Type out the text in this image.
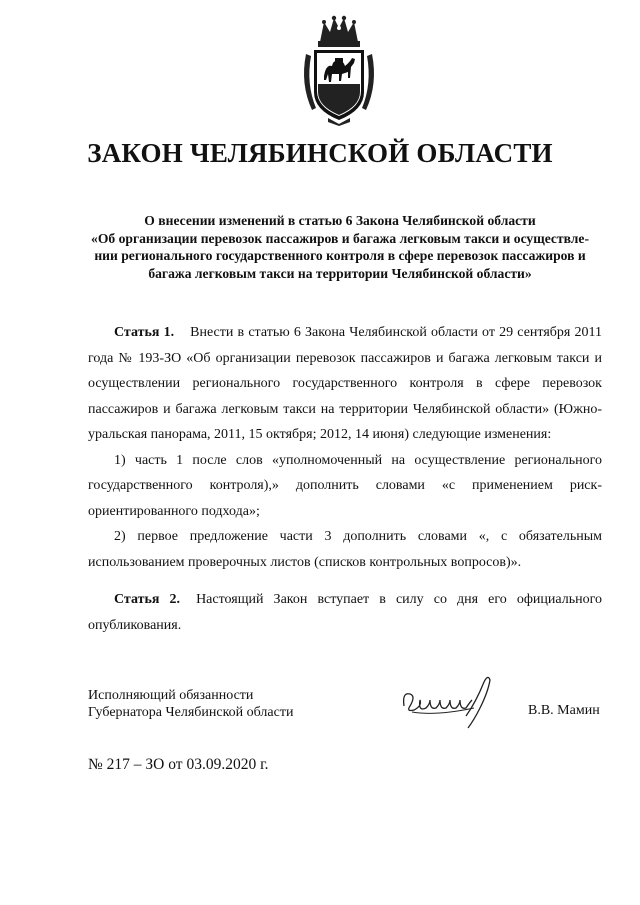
ЗАКОН ЧЕЛЯБИНСКОЙ ОБЛАСТИ
О внесении изменений в статью 6 Закона Челябинской области
«Об организации перевозок пассажиров и багажа легковым такси и осуществле-
нии регионального государственного контроля в сфере перевозок пассажиров и
багажа легковым такси на территории Челябинской области»

Статья 1. Внести в статью 6 Закона Челябинской области от 29 сентября 2011 года № 193-ЗО «Об организации перевозок пассажиров и багажа легковым такси и осуществлении регионального государственного контроля в сфере перевозок пассажиров и багажа легковым такси на территории Челябинской области» (Южно-уральская панорама, 2011, 15 октября; 2012, 14 июня) следующие изменения:

1) часть 1 после слов «уполномоченный на осуществление регионального государственного контроля),» дополнить словами «с применением риск-ориентированного подхода»;

2) первое предложение части 3 дополнить словами «, с обязательным использованием проверочных листов (списков контрольных вопросов)».

Статья 2. Настоящий Закон вступает в силу со дня его официального опубликования.

Исполняющий обязанности
Губернатора Челябинской области	В.В. Мамин
№ 217 – ЗО от 03.09.2020 г.
